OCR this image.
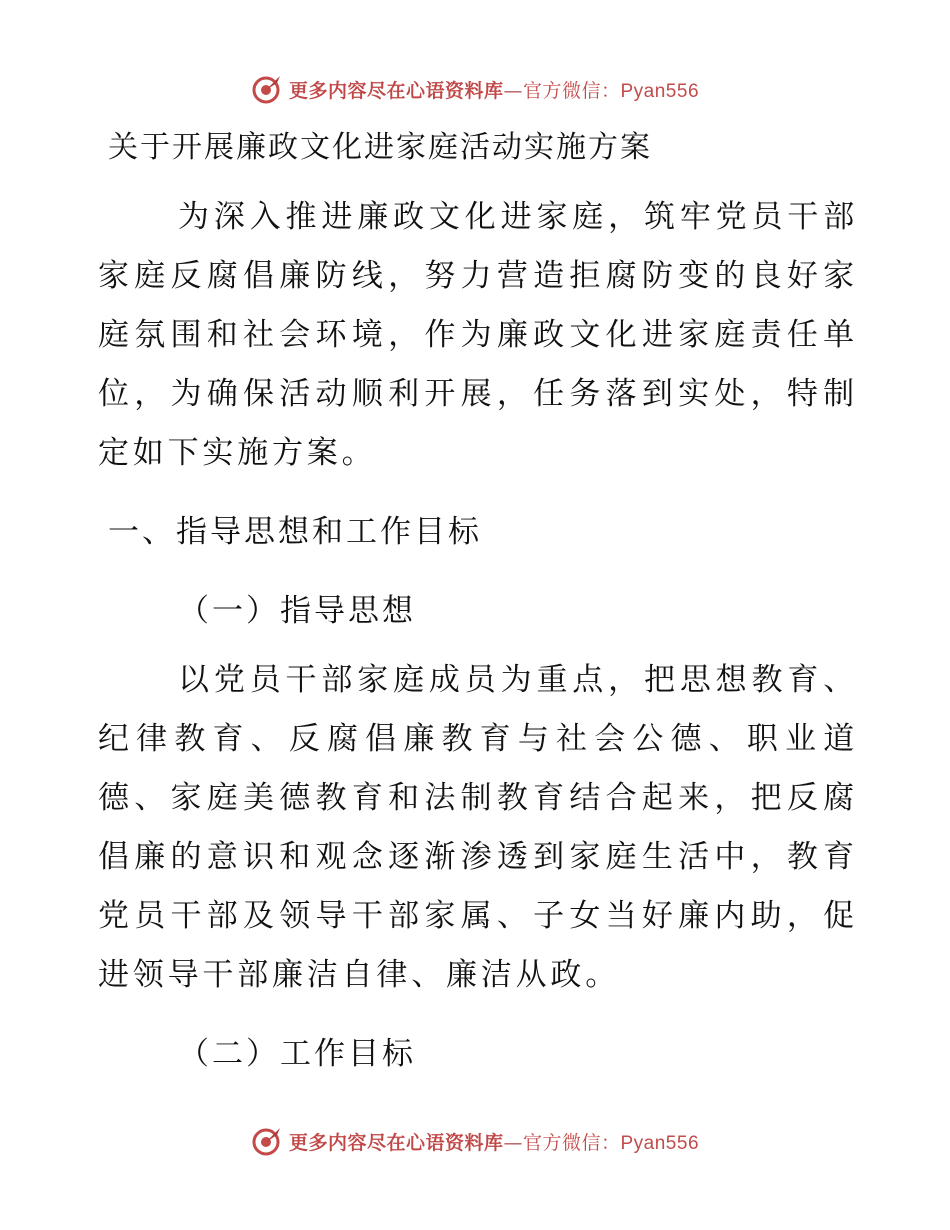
更多内容尽在心语资料库—官方微信：Pyan556
关于开展廉政文化进家庭活动实施方案

为深入推进廉政文化进家庭，筑牢党员干部家庭反腐倡廉防线，努力营造拒腐防变的良好家庭氛围和社会环境，作为廉政文化进家庭责任单位，为确保活动顺利开展，任务落到实处，特制定如下实施方案。

一、指导思想和工作目标
（一）指导思想

以党员干部家庭成员为重点，把思想教育、纪律教育、反腐倡廉教育与社会公德、职业道德、家庭美德教育和法制教育结合起来，把反腐倡廉的意识和观念逐渐渗透到家庭生活中，教育党员干部及领导干部家属、子女当好廉内助，促进领导干部廉洁自律、廉洁从政。

（二）工作目标
更多内容尽在心语资料库—官方微信：Pyan556
